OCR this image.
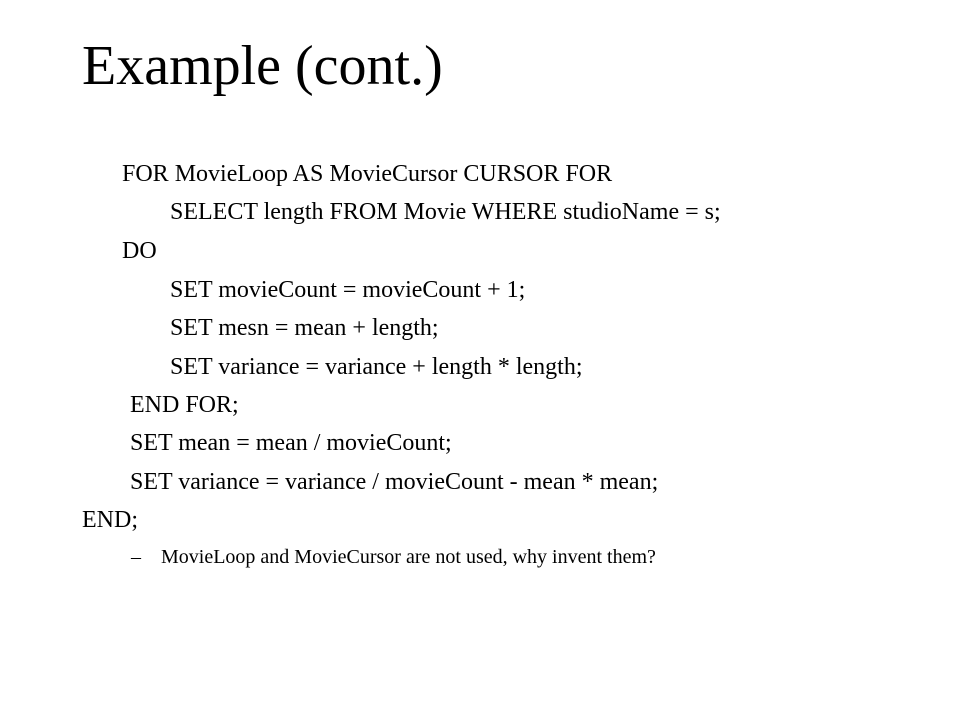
Example (cont.)
FOR MovieLoop AS MovieCursor CURSOR FOR
SELECT length FROM Movie WHERE studioName = s;
DO
SET movieCount = movieCount + 1;
SET mesn = mean + length;
SET variance = variance + length * length;
END FOR;
SET mean = mean / movieCount;
SET variance = variance / movieCount - mean * mean;
END;
– MovieLoop and MovieCursor are not used, why invent them?
